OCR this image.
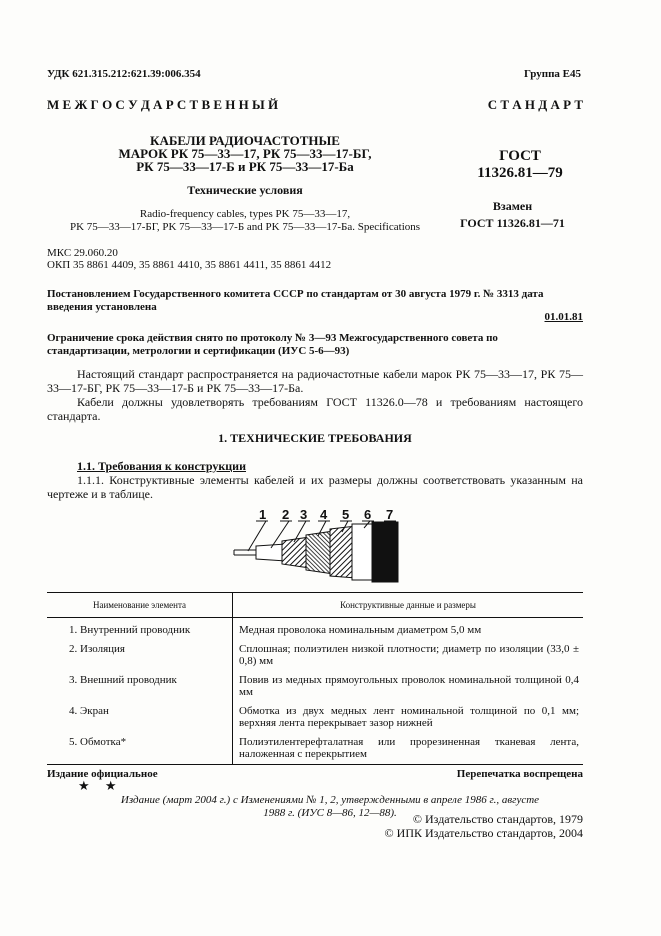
УДК 621.315.212:621.39:006.354	Группа Е45
М Е Ж Г О С У Д А Р С Т В Е Н Н Ы Й	С Т А Н Д А Р Т
КАБЕЛИ РАДИОЧАСТОТНЫЕ
МАРОК РК 75—33—17, РК 75—33—17-БГ,
РК 75—33—17-Б и РК 75—33—17-Ба
ГОСТ
11326.81—79
Технические условия
Radio-frequency cables, types PK 75—33—17,
PK 75—33—17-БГ, PK 75—33—17-Б and PK 75—33—17-Ба. Specifications
Взамен
ГОСТ 11326.81—71
МКС 29.060.20
ОКП 35 8861 4409, 35 8861 4410, 35 8861 4411, 35 8861 4412
Постановлением Государственного комитета СССР по стандартам от 30 августа 1979 г. № 3313 дата введения установлена
01.01.81
Ограничение срока действия снято по протоколу № 3—93 Межгосударственного совета по стандартизации, метрологии и сертификации (ИУС 5-6—93)
Настоящий стандарт распространяется на радиочастотные кабели марок РК 75—33—17, РК 75—33—17-БГ, РК 75—33—17-Б и РК 75—33—17-Ба.
Кабели должны удовлетворять требованиям ГОСТ 11326.0—78 и требованиям настоящего стандарта.
1. ТЕХНИЧЕСКИЕ ТРЕБОВАНИЯ
1.1. Требования к конструкции
1.1.1. Конструктивные элементы кабелей и их размеры должны соответствовать указанным на чертеже и в таблице.
1 2 3 4 5 6 7
Наименование элемента	Конструктивные данные и размеры
1. Внутренний проводник	Медная проволока номинальным диаметром 5,0 мм
2. Изоляция	Сплошная; полиэтилен низкой плотности; диаметр по изоляции (33,0 ± 0,8) мм
3. Внешний проводник	Повив из медных прямоугольных проволок номинальной толщиной 0,4 мм
4. Экран	Обмотка из двух медных лент номинальной толщиной по 0,1 мм; верхняя лента перекрывает зазор нижней
5. Обмотка*	Полиэтилентерефталатная или прорезиненная тканевая лента, наложенная с перекрытием
Издание официальное	Перепечатка воспрещена
★ ★
Издание (март 2004 г.) с Изменениями № 1, 2, утвержденными в апреле 1986 г., августе 1988 г. (ИУС 8—86, 12—88).	© Издательство стандартов, 1979
© ИПК Издательство стандартов, 2004
